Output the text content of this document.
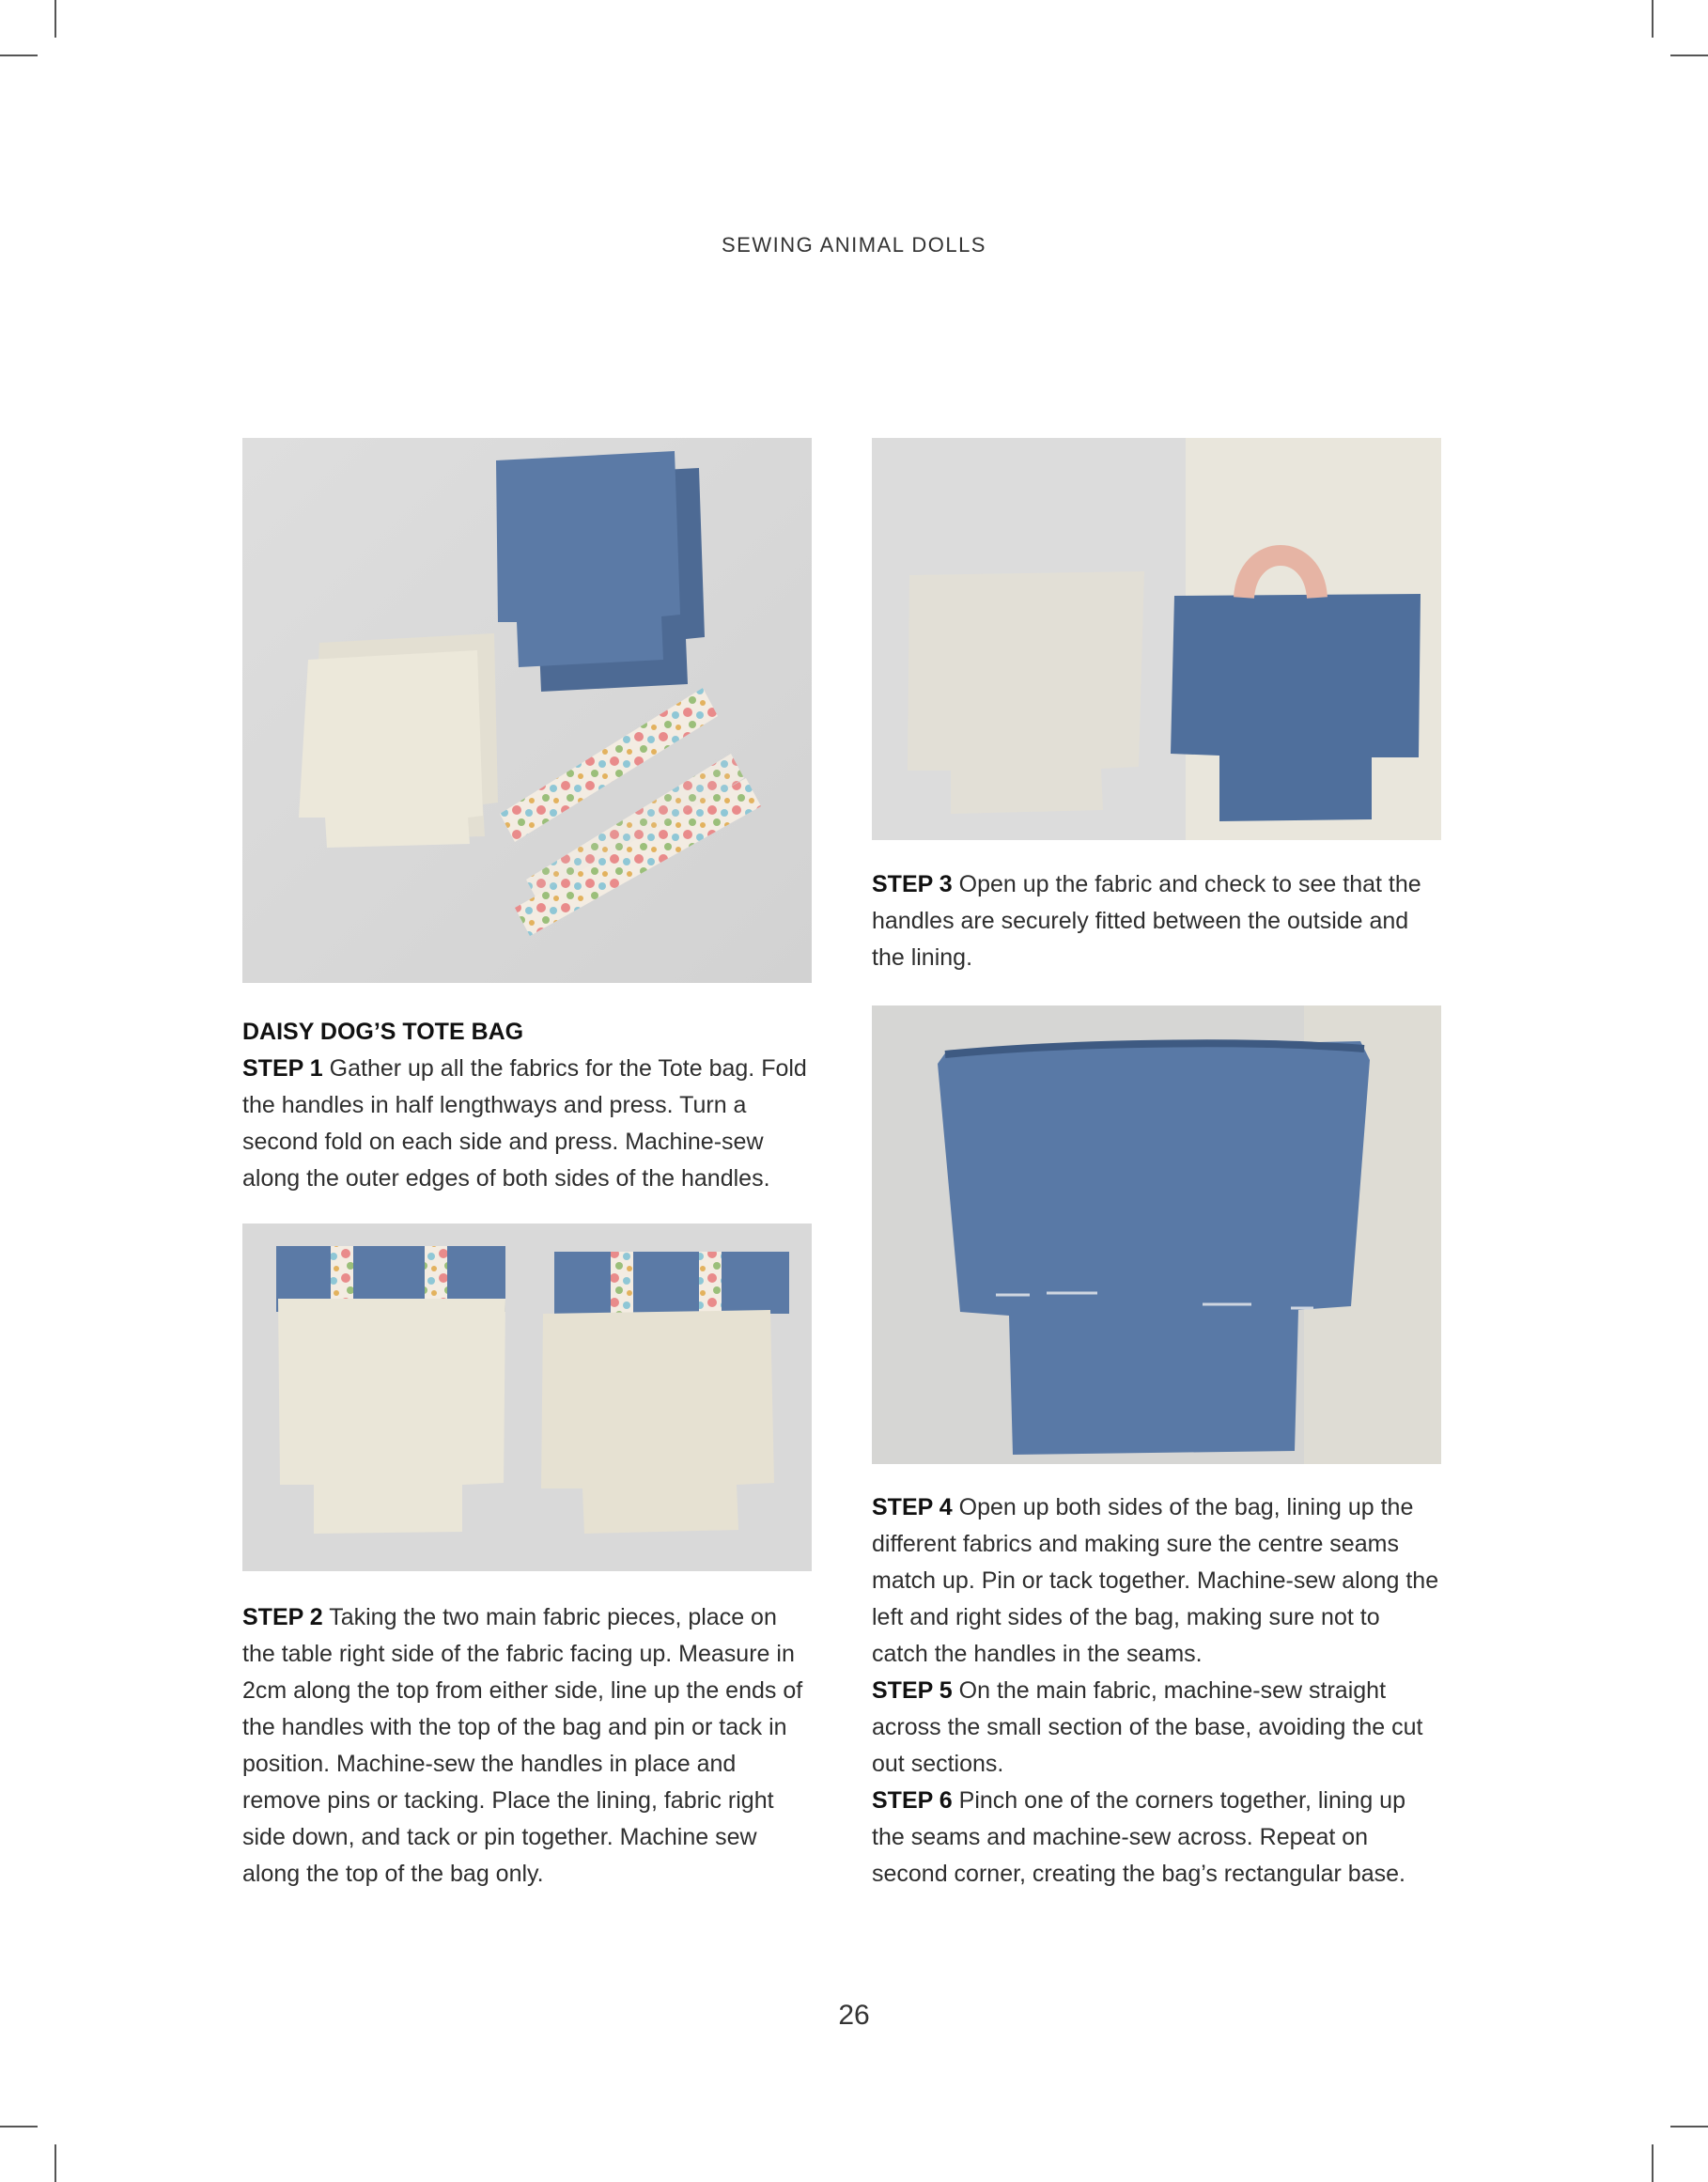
SEWING ANIMAL DOLLS
DAISY DOG’S TOTE BAG

STEP 1 Gather up all the fabrics for the Tote bag. Fold the handles in half lengthways and press. Turn a second fold on each side and press. Machine-sew along the outer edges of both sides of the handles.

STEP 2 Taking the two main fabric pieces, place on the table right side of the fabric facing up. Measure in 2cm along the top from either side, line up the ends of the handles with the top of the bag and pin or tack in position. Machine-sew the handles in place and remove pins or tacking. Place the lining, fabric right side down, and tack or pin together. Machine sew along the top of the bag only.

STEP 3 Open up the fabric and check to see that the handles are securely fitted between the outside and the lining.

STEP 4 Open up both sides of the bag, lining up the different fabrics and making sure the centre seams match up. Pin or tack together. Machine-sew along the left and right sides of the bag, making sure not to catch the handles in the seams.

STEP 5 On the main fabric, machine-sew straight across the small section of the base, avoiding the cut out sections.

STEP 6 Pinch one of the corners together, lining up the seams and machine-sew across. Repeat on second corner, creating the bag’s rectangular base.

26
